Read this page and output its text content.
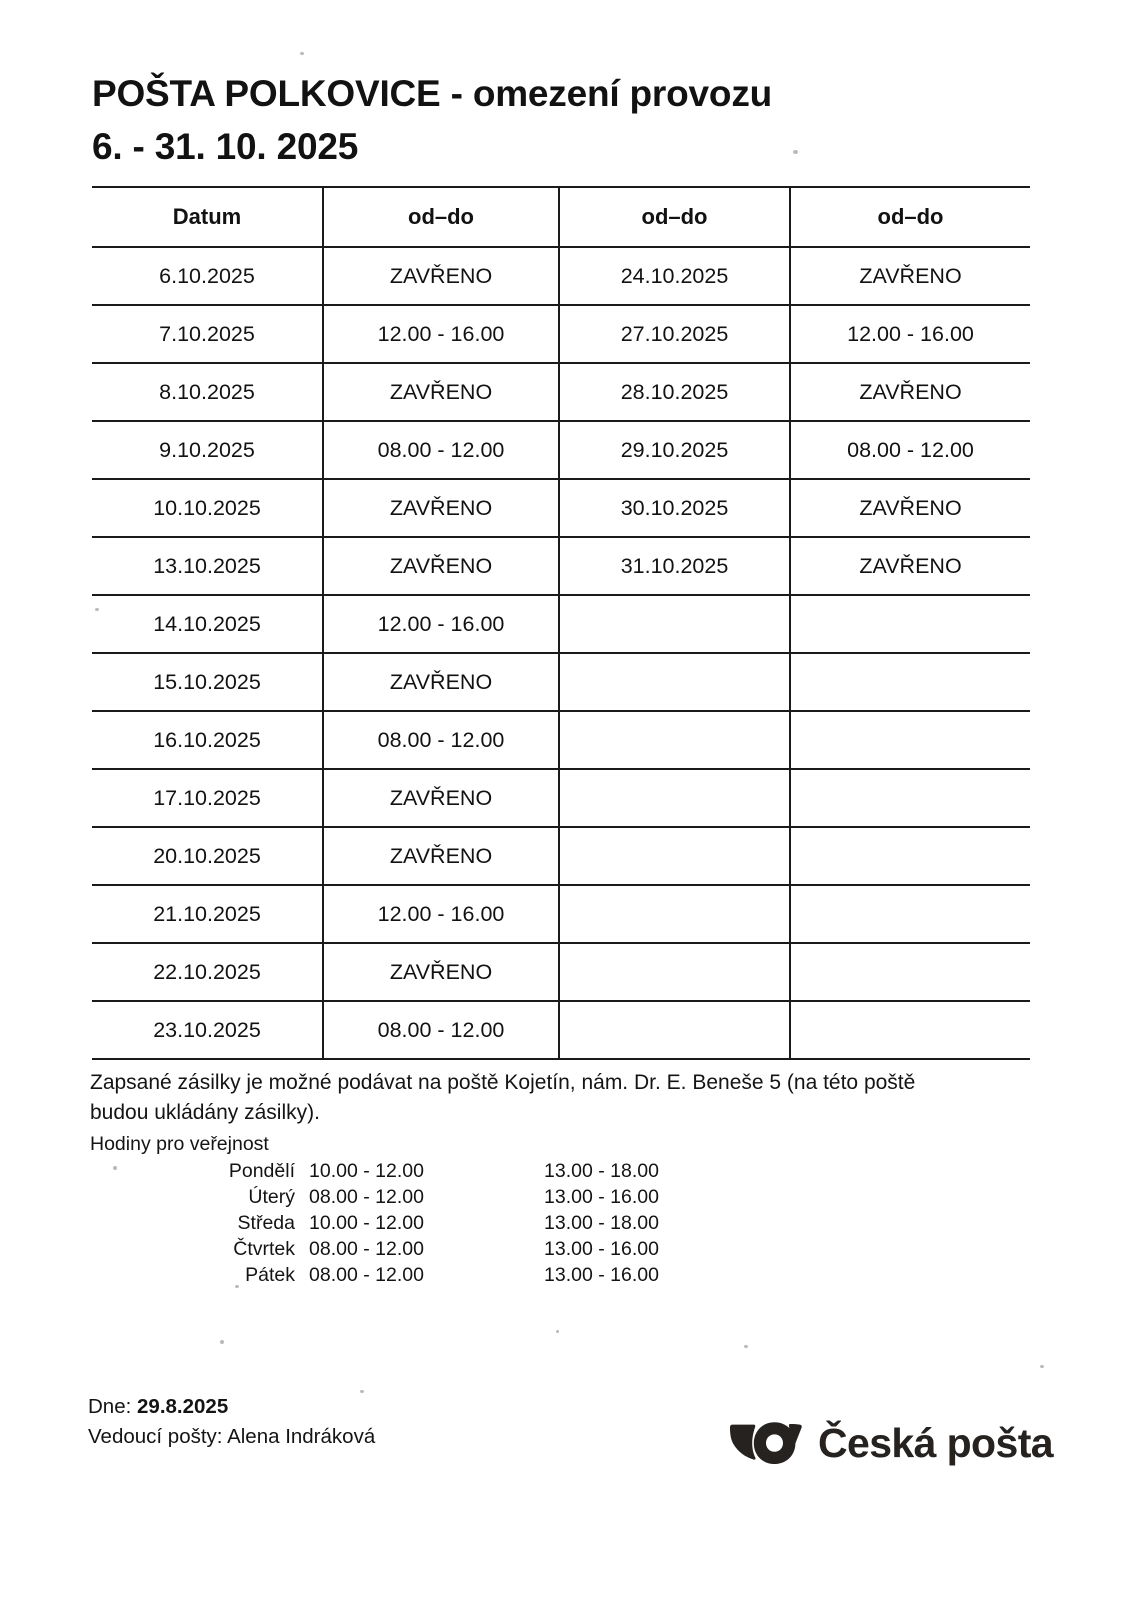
POŠTA POLKOVICE - omezení provozu
6. - 31. 10. 2025
Datum	od–do	od–do	od–do
6.10.2025	ZAVŘENO	24.10.2025	ZAVŘENO
7.10.2025	12.00 - 16.00	27.10.2025	12.00 - 16.00
8.10.2025	ZAVŘENO	28.10.2025	ZAVŘENO
9.10.2025	08.00 - 12.00	29.10.2025	08.00 - 12.00
10.10.2025	ZAVŘENO	30.10.2025	ZAVŘENO
13.10.2025	ZAVŘENO	31.10.2025	ZAVŘENO
14.10.2025	12.00 - 16.00		
15.10.2025	ZAVŘENO		
16.10.2025	08.00 - 12.00		
17.10.2025	ZAVŘENO		
20.10.2025	ZAVŘENO		
21.10.2025	12.00 - 16.00		
22.10.2025	ZAVŘENO		
23.10.2025	08.00 - 12.00		
Zapsané zásilky je možné podávat na poště Kojetín, nám. Dr. E. Beneše 5 (na této poště budou ukládány zásilky).
Hodiny pro veřejnost
Pondělí	10.00 - 12.00	13.00 - 18.00
Úterý	08.00 - 12.00	13.00 - 16.00
Středa	10.00 - 12.00	13.00 - 18.00
Čtvrtek	08.00 - 12.00	13.00 - 16.00
Pátek	08.00 - 12.00	13.00 - 16.00
Dne: 29.8.2025
Vedoucí pošty: Alena Indráková	Česká pošta
